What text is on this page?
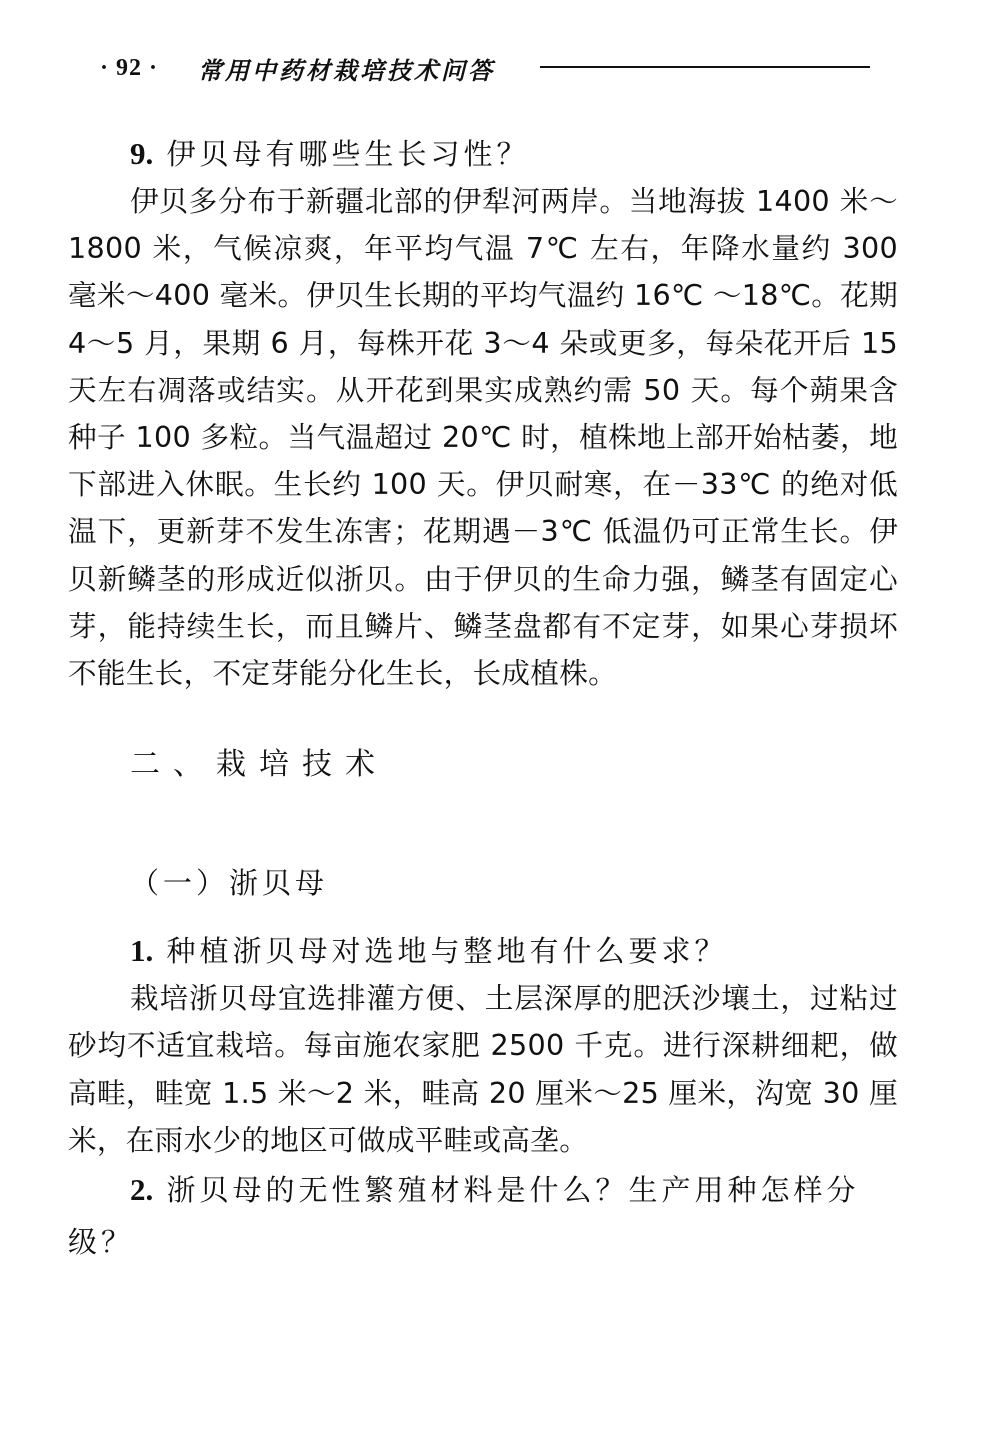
· 92 · 常用中药材栽培技术问答

9. 伊贝母有哪些生长习性？

伊贝多分布于新疆北部的伊犁河两岸。当地海拔 1400 米～1800 米，气候凉爽，年平均气温 7℃ 左右，年降水量约 300 毫米～400 毫米。伊贝生长期的平均气温约 16℃ ～18℃。花期 4～5 月，果期 6 月，每株开花 3～4 朵或更多，每朵花开后 15 天左右凋落或结实。从开花到果实成熟约需 50 天。每个蒴果含种子 100 多粒。当气温超过 20℃ 时，植株地上部开始枯萎，地下部进入休眠。生长约 100 天。伊贝耐寒，在－33℃ 的绝对低温下，更新芽不发生冻害；花期遇－3℃ 低温仍可正常生长。伊贝新鳞茎的形成近似浙贝。由于伊贝的生命力强，鳞茎有固定心芽，能持续生长，而且鳞片、鳞茎盘都有不定芽，如果心芽损坏不能生长，不定芽能分化生长，长成植株。

二、栽培技术

（一）浙贝母

1. 种植浙贝母对选地与整地有什么要求？

栽培浙贝母宜选排灌方便、土层深厚的肥沃沙壤土，过粘过砂均不适宜栽培。每亩施农家肥 2500 千克。进行深耕细耙，做高畦，畦宽 1.5 米～2 米，畦高 20 厘米～25 厘米，沟宽 30 厘米，在雨水少的地区可做成平畦或高垄。

2. 浙贝母的无性繁殖材料是什么？生产用种怎样分级？
